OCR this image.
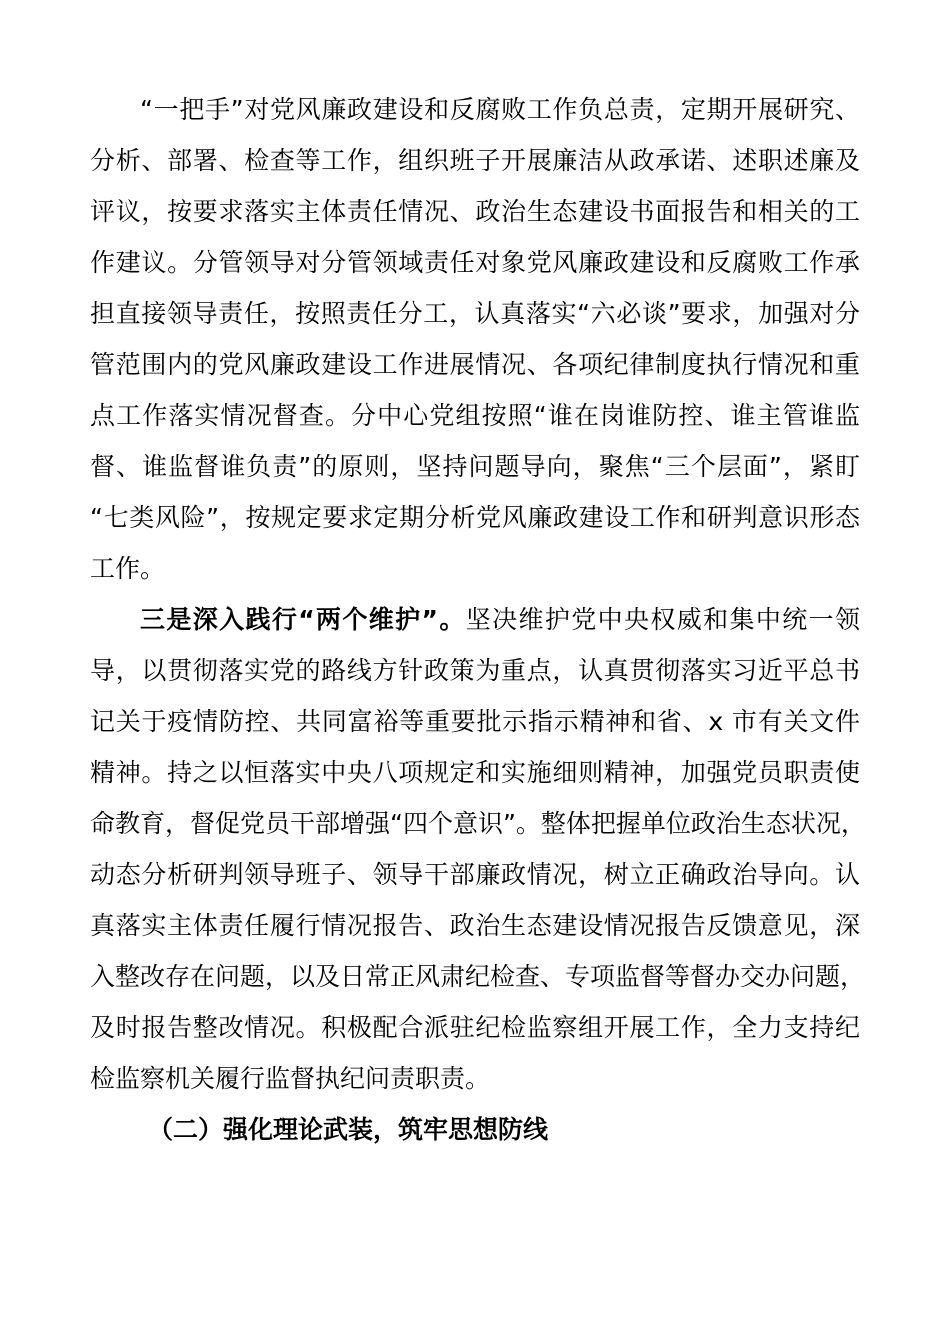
“一把手”对党风廉政建设和反腐败工作负总责，定期开展研究、
分析、部署、检查等工作，组织班子开展廉洁从政承诺、述职述廉及
评议，按要求落实主体责任情况、政治生态建设书面报告和相关的工
作建议。分管领导对分管领域责任对象党风廉政建设和反腐败工作承
担直接领导责任，按照责任分工，认真落实“六必谈”要求，加强对分
管范围内的党风廉政建设工作进展情况、各项纪律制度执行情况和重
点工作落实情况督查。分中心党组按照“谁在岗谁防控、谁主管谁监
督、谁监督谁负责”的原则，坚持问题导向，聚焦“三个层面”，紧盯
“七类风险”，按规定要求定期分析党风廉政建设工作和研判意识形态
工作。
三是深入践行“两个维护”。坚决维护党中央权威和集中统一领
导，以贯彻落实党的路线方针政策为重点，认真贯彻落实习近平总书
记关于疫情防控、共同富裕等重要批示指示精神和省、x 市有关文件
精神。持之以恒落实中央八项规定和实施细则精神，加强党员职责使
命教育，督促党员干部增强“四个意识”。整体把握单位政治生态状况，
动态分析研判领导班子、领导干部廉政情况，树立正确政治导向。认
真落实主体责任履行情况报告、政治生态建设情况报告反馈意见，深
入整改存在问题，以及日常正风肃纪检查、专项监督等督办交办问题，
及时报告整改情况。积极配合派驻纪检监察组开展工作，全力支持纪
检监察机关履行监督执纪问责职责。
（二）强化理论武装，筑牢思想防线
